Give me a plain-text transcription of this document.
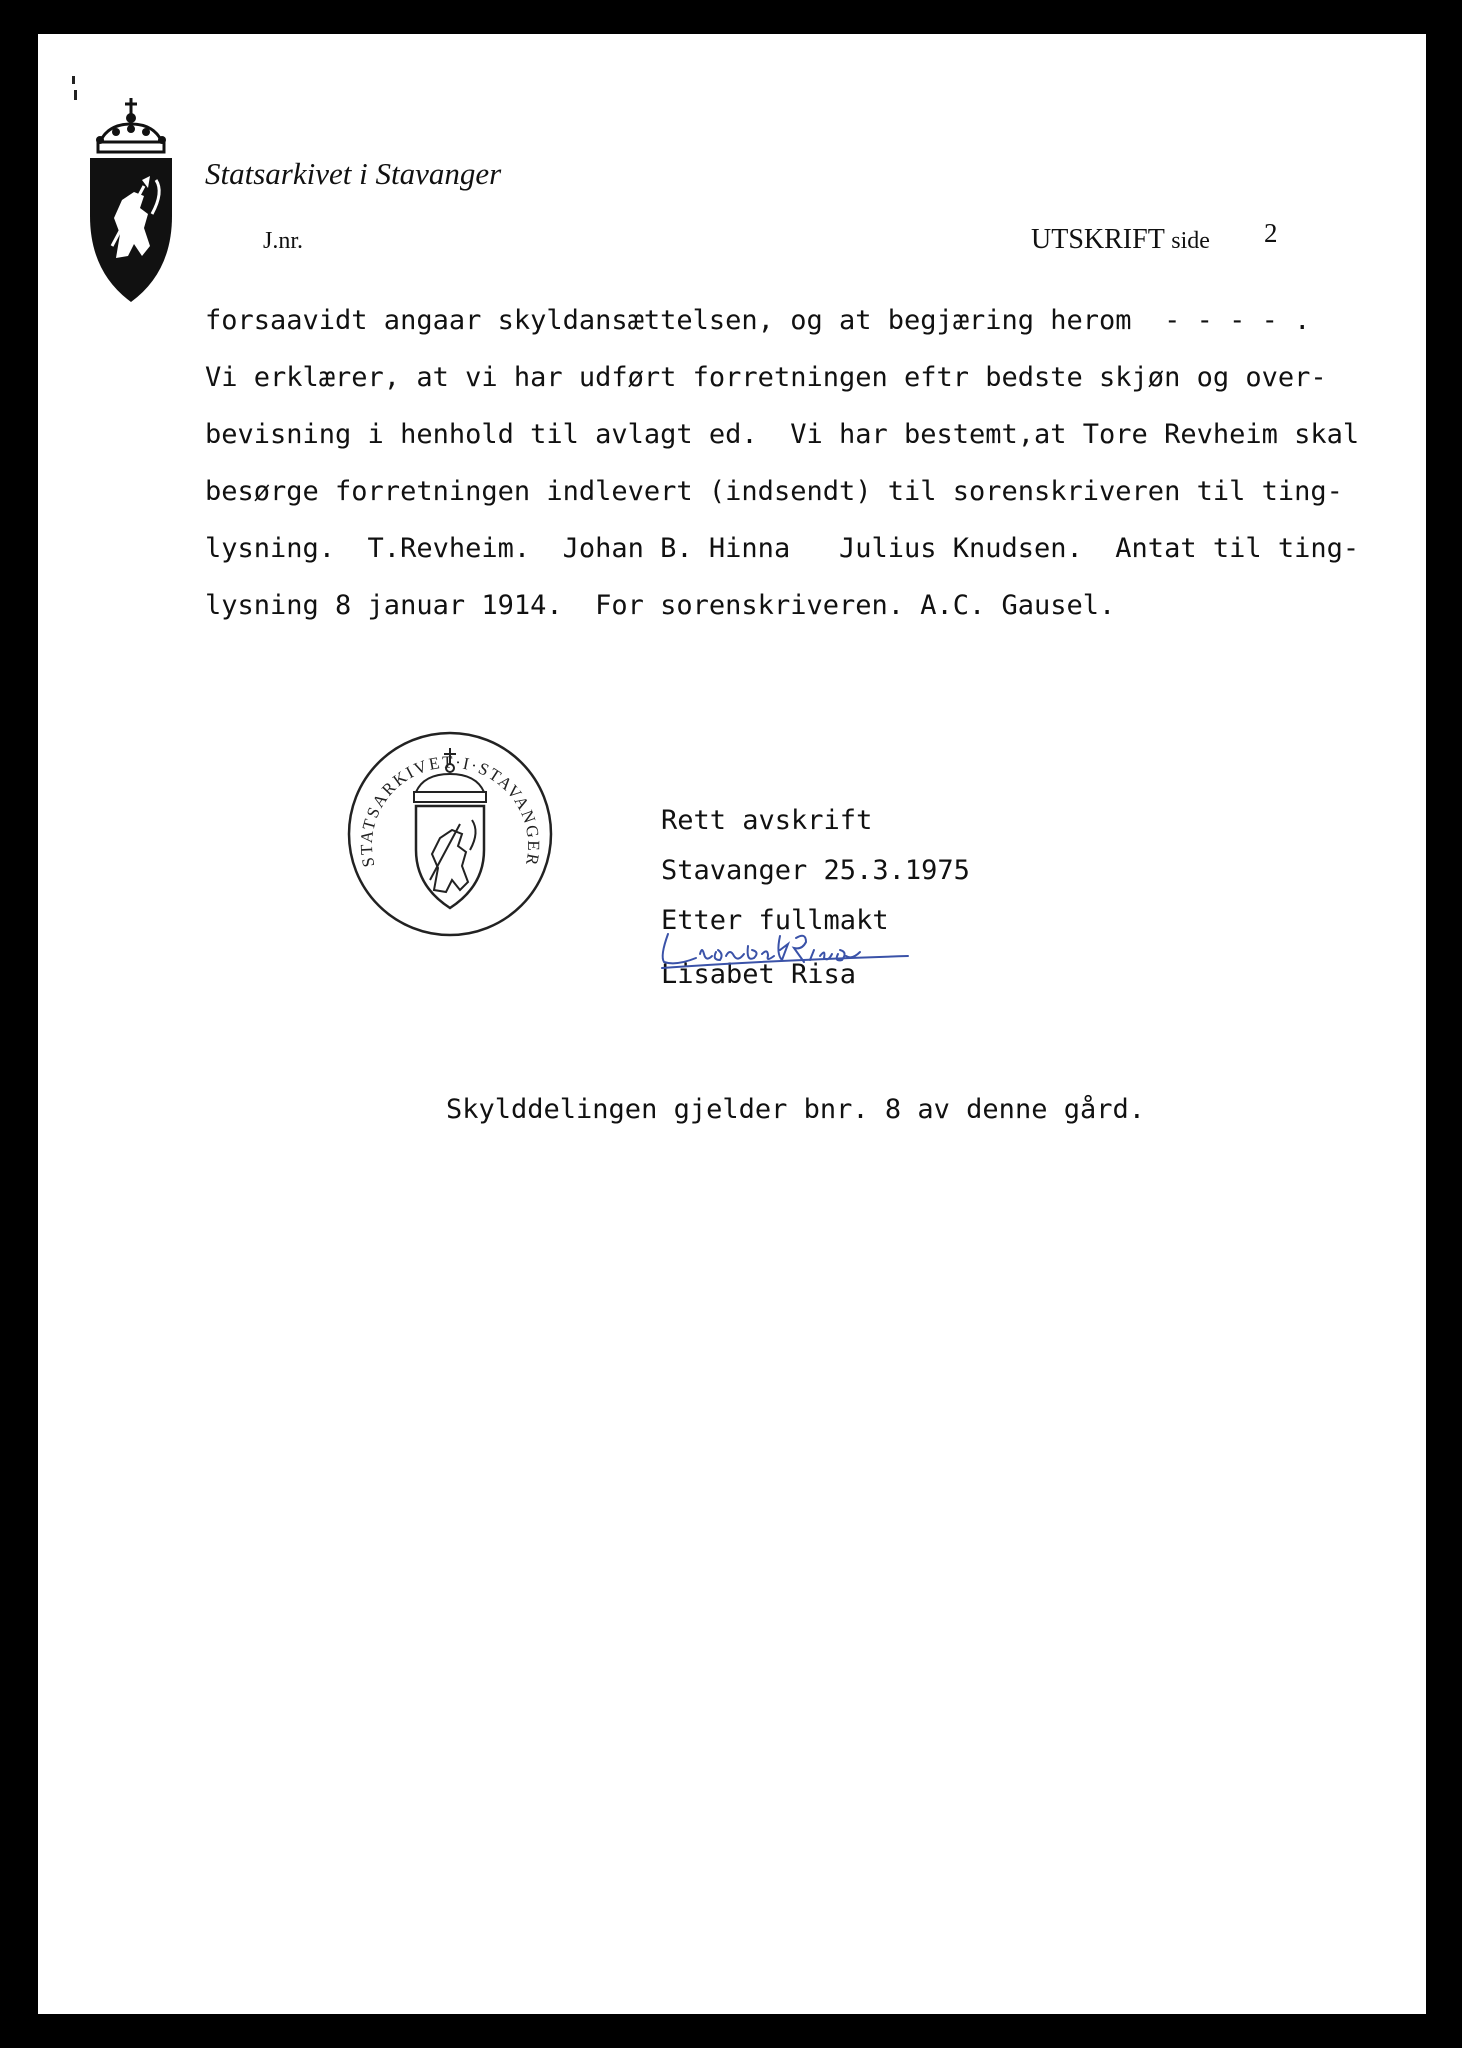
Statsarkivet i Stavanger
J.nr.	UTSKRIFT side 2
forsaavidt angaar skyldansættelsen, og at begjæring herom  - - - - .
Vi erklærer, at vi har udført forretningen eftr bedste skjøn og over-
bevisning i henhold til avlagt ed.  Vi har bestemt,at Tore Revheim skal
besørge forretningen indlevert (indsendt) til sorenskriveren til ting-
lysning.  T.Revheim.  Johan B. Hinna   Julius Knudsen.  Antat til ting-
lysning 8 januar 1914.  For sorenskriveren. A.C. Gausel.
STATSARKIVET·I·STAVANGER
Rett avskrift
Stavanger 25.3.1975
Etter fullmakt
Lisabet Risa
Skylddelingen gjelder bnr. 8 av denne gård.
